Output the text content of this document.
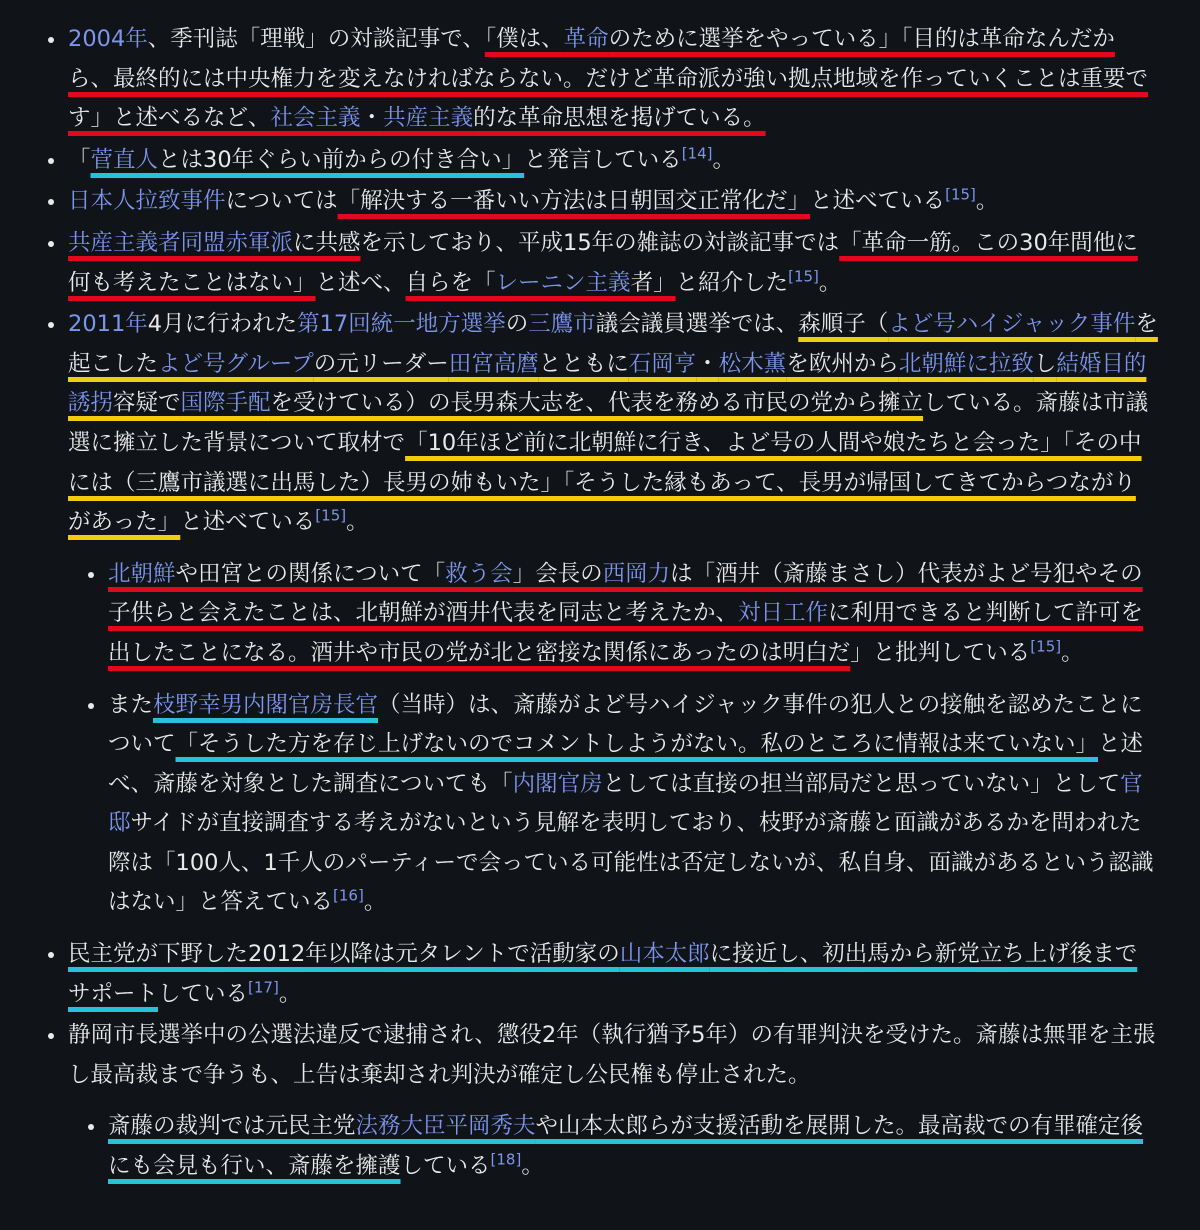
2004年、季刊誌「理戦」の対談記事で、「僕は、革命のために選挙をやっている」「目的は革命なんだから、最終的には中央権力を変えなければならない。だけど革命派が強い拠点地域を作っていくことは重要です」と述べるなど、社会主義・共産主義的な革命思想を掲げている。
「菅直人とは30年ぐらい前からの付き合い」と発言している[14]。
日本人拉致事件については「解決する一番いい方法は日朝国交正常化だ」と述べている[15]。
共産主義者同盟赤軍派に共感を示しており、平成15年の雑誌の対談記事では「革命一筋。この30年間他に何も考えたことはない」と述べ、自らを「レーニン主義者」と紹介した[15]。
2011年4月に行われた第17回統一地方選挙の三鷹市議会議員選挙では、森順子（よど号ハイジャック事件を起こしたよど号グループの元リーダー田宮高麿とともに石岡亨・松木薫を欧州から北朝鮮に拉致し結婚目的誘拐容疑で国際手配を受けている）の長男森大志を、代表を務める市民の党から擁立している。斎藤は市議選に擁立した背景について取材で「10年ほど前に北朝鮮に行き、よど号の人間や娘たちと会った」「その中には（三鷹市議選に出馬した）長男の姉もいた」「そうした縁もあって、長男が帰国してきてからつながりがあった」と述べている[15]。
北朝鮮や田宮との関係について「救う会」会長の西岡力は「酒井（斎藤まさし）代表がよど号犯やその子供らと会えたことは、北朝鮮が酒井代表を同志と考えたか、対日工作に利用できると判断して許可を出したことになる。酒井や市民の党が北と密接な関係にあったのは明白だ」と批判している[15]。
また枝野幸男内閣官房長官（当時）は、斎藤がよど号ハイジャック事件の犯人との接触を認めたことについて「そうした方を存じ上げないのでコメントしようがない。私のところに情報は来ていない」と述べ、斎藤を対象とした調査についても「内閣官房としては直接の担当部局だと思っていない」として官邸サイドが直接調査する考えがないという見解を表明しており、枝野が斎藤と面識があるかを問われた際は「100人、1千人のパーティーで会っている可能性は否定しないが、私自身、面識があるという認識はない」と答えている[16]。
民主党が下野した2012年以降は元タレントで活動家の山本太郎に接近し、初出馬から新党立ち上げ後までサポートしている[17]。
静岡市長選挙中の公選法違反で逮捕され、懲役2年（執行猶予5年）の有罪判決を受けた。斎藤は無罪を主張し最高裁まで争うも、上告は棄却され判決が確定し公民権も停止された。
斎藤の裁判では元民主党法務大臣平岡秀夫や山本太郎らが支援活動を展開した。最高裁での有罪確定後にも会見も行い、斎藤を擁護している[18]。
